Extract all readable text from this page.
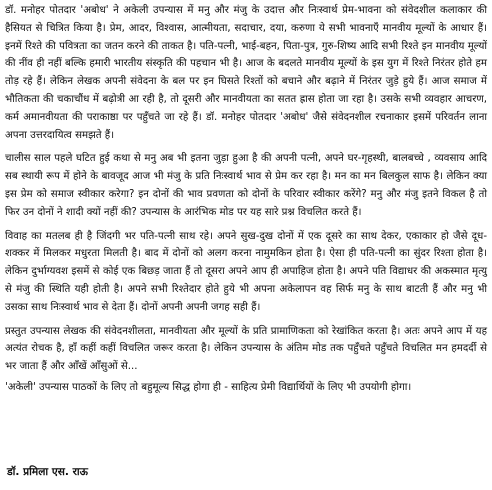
डॉ. मनोहर पोतदार 'अबोध' ने अकेली उपन्यास में मनु और मंजु के उदात्त और निःस्वार्थ प्रेम-भावना को संवेदशील कलाकार की हैसियत से चित्रित किया है। प्रेम, आदर, विश्वास, आत्मीयता, सदाचार, दया, करुणा ये सभी भावनाएँ मानवीय मूल्यों के आधार हैं। इनमें रिश्ते की पवित्रता का जतन करने की ताकत है। पति-पत्नी, भाई-बहन, पिता-पुत्र, गुरु-शिष्य आदि सभी रिश्ते इन मानवीय मूल्यों की नींव ही नहीं बल्कि हमारी भारतीय संस्कृति की पहचान भी है। आज के बदलते मानवीय मूल्यों के इस युग में रिश्ते निरंतर होते हम तोड़ रहे हैं। लेकिन लेखक अपनी संवेदना के बल पर इन घिसते रिश्तों को बचाने और बढ़ाने में निरंतर जुड़े हुये हैं। आज समाज में भौतिकता की चकाचौंध में बढ़ोत्री आ रही है, तो दूसरी और मानवीयता का सतत ह्रास होता जा रहा है। उसके सभी व्यवहार आचरण, कर्म अमानवीयता की पराकाष्ठा पर पहुँचते जा रहे हैं। डॉ. मनोहर पोतदार 'अबोध' जैसे संवेदनशील रचनाकार इसमें परिवर्तन लाना अपना उत्तरदायित्व समझते हैं।

चालीस साल पहले घटित हुई कथा से मनु अब भी इतना जुड़ा हुआ है की अपनी पत्नी, अपने घर-गृहस्थी, बालबच्चे , व्यवसाय आदि सब स्थायी रूप में होने के बावजूद आज भी मंजु के प्रति निःस्वार्थ भाव से प्रेम कर रहा है। मन का मन बिलकुल साफ है। लेकिन क्या इस प्रेम को समाज स्वीकार करेगा? इन दोनों की भाव प्रवणता को दोनों के परिवार स्वीकार करेंगे? मनु और मंजु इतने विकल है तो फिर उन दोनों ने शादी क्यों नहीं की? उपन्यास के आरंभिक मोड पर यह सारे प्रश्न विचलित करते हैं।

विवाह का मतलब ही है जिंदगी भर पति-पत्नी साथ रहे। अपने सुख-दुख दोनों में एक दूसरे का साथ देकर, एकाकार हो जैसे दूध-शक्कर में मिलकर मधुरता मिलती है। बाद में दोनों को अलग करना नामुमकिन होता है। ऐसा ही पति-पत्नी का सुंदर रिश्ता होता है। लेकिन दुर्भाग्यवश इसमें से कोई एक बिछड़ जाता हैं तो दूसरा अपने आप ही अपाहिज होता है। अपने पति विद्याधर की अकस्मात मृत्यु से मंजु की स्थिति यही होती है। अपने सभी रिश्तेदार होते हुये भी अपना अकेलापन वह सिर्फ मनु के साथ बाटती हैं और मनु भी उसका साथ निःस्वार्थ भाव से देता हैं। दोनों अपनी अपनी जगह सही हैं।

प्रस्तुत उपन्यास लेखक की संवेदनशीलता, मानवीयता और मूल्यों के प्रति प्रामाणिकता को रेखांकित करता है। अतः अपने आप में यह अत्यंत रोचक है, हाँ कहीं कहीं विचलित जरूर करता है। लेकिन उपन्यास के अंतिम मोड तक पहुँचते पहुँचते विचलित मन हमदर्दी से भर जाता हैं और आँखें आँसुओं से...

'अकेली' उपन्यास पाठकों के लिए तो बहुमूल्य सिद्ध होगा ही - साहित्य प्रेमी विद्यार्थियों के लिए भी उपयोगी होगा।

डॉ. प्रमिला एस. राऊ
